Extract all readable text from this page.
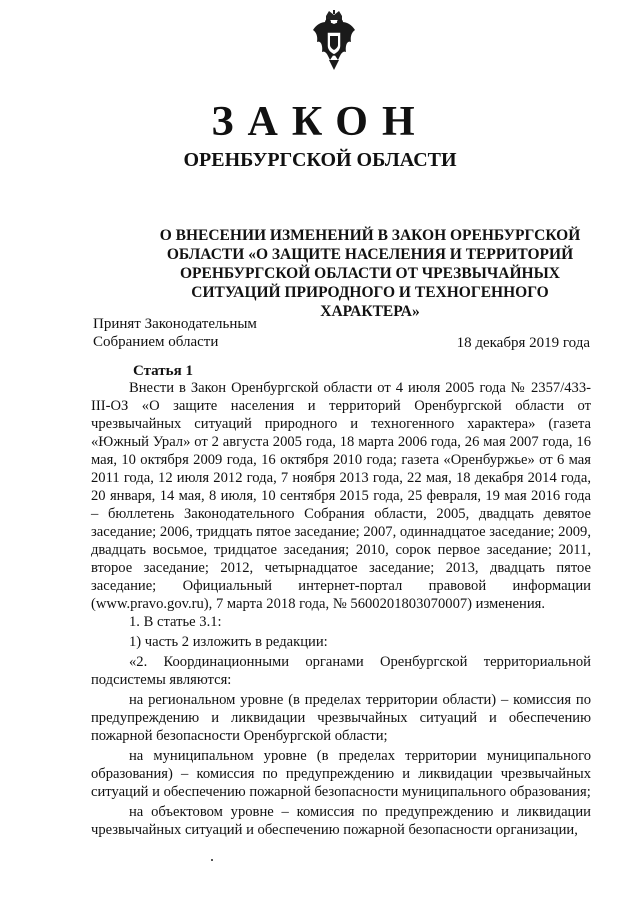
ЗАКОН
ОРЕНБУРГСКОЙ ОБЛАСТИ
О ВНЕСЕНИИ ИЗМЕНЕНИЙ В ЗАКОН ОРЕНБУРГСКОЙ ОБЛАСТИ «О ЗАЩИТЕ НАСЕЛЕНИЯ И ТЕРРИТОРИЙ ОРЕНБУРГСКОЙ ОБЛАСТИ ОТ ЧРЕЗВЫЧАЙНЫХ СИТУАЦИЙ ПРИРОДНОГО И ТЕХНОГЕННОГО ХАРАКТЕРА»
Принят Законодательным
Собранием области	18 декабря 2019 года
Статья 1

Внести в Закон Оренбургской области от 4 июля 2005 года № 2357/433-III-ОЗ «О защите населения и территорий Оренбургской области от чрезвычайных ситуаций природного и техногенного характера» (газета «Южный Урал» от 2 августа 2005 года, 18 марта 2006 года, 26 мая 2007 года, 16 мая, 10 октября 2009 года, 16 октября 2010 года; газета «Оренбуржье» от 6 мая 2011 года, 12 июля 2012 года, 7 ноября 2013 года, 22 мая, 18 декабря 2014 года, 20 января, 14 мая, 8 июля, 10 сентября 2015 года, 25 февраля, 19 мая 2016 года – бюллетень Законодательного Собрания области, 2005, двадцать девятое заседание; 2006, тридцать пятое заседание; 2007, одиннадцатое заседание; 2009, двадцать восьмое, тридцатое заседания; 2010, сорок первое заседание; 2011, второе заседание; 2012, четырнадцатое заседание; 2013, двадцать пятое заседание; Официальный интернет-портал правовой информации (www.pravo.gov.ru), 7 марта 2018 года, № 5600201803070007) изменения.

1. В статье 3.1:

1) часть 2 изложить в редакции:

«2. Координационными органами Оренбургской территориальной подсистемы являются:

на региональном уровне (в пределах территории области) – комиссия по предупреждению и ликвидации чрезвычайных ситуаций и обеспечению пожарной безопасности Оренбургской области;

на муниципальном уровне (в пределах территории муниципального образования) – комиссия по предупреждению и ликвидации чрезвычайных ситуаций и обеспечению пожарной безопасности муниципального образования;

на объектовом уровне – комиссия по предупреждению и ликвидации чрезвычайных ситуаций и обеспечению пожарной безопасности организации,
